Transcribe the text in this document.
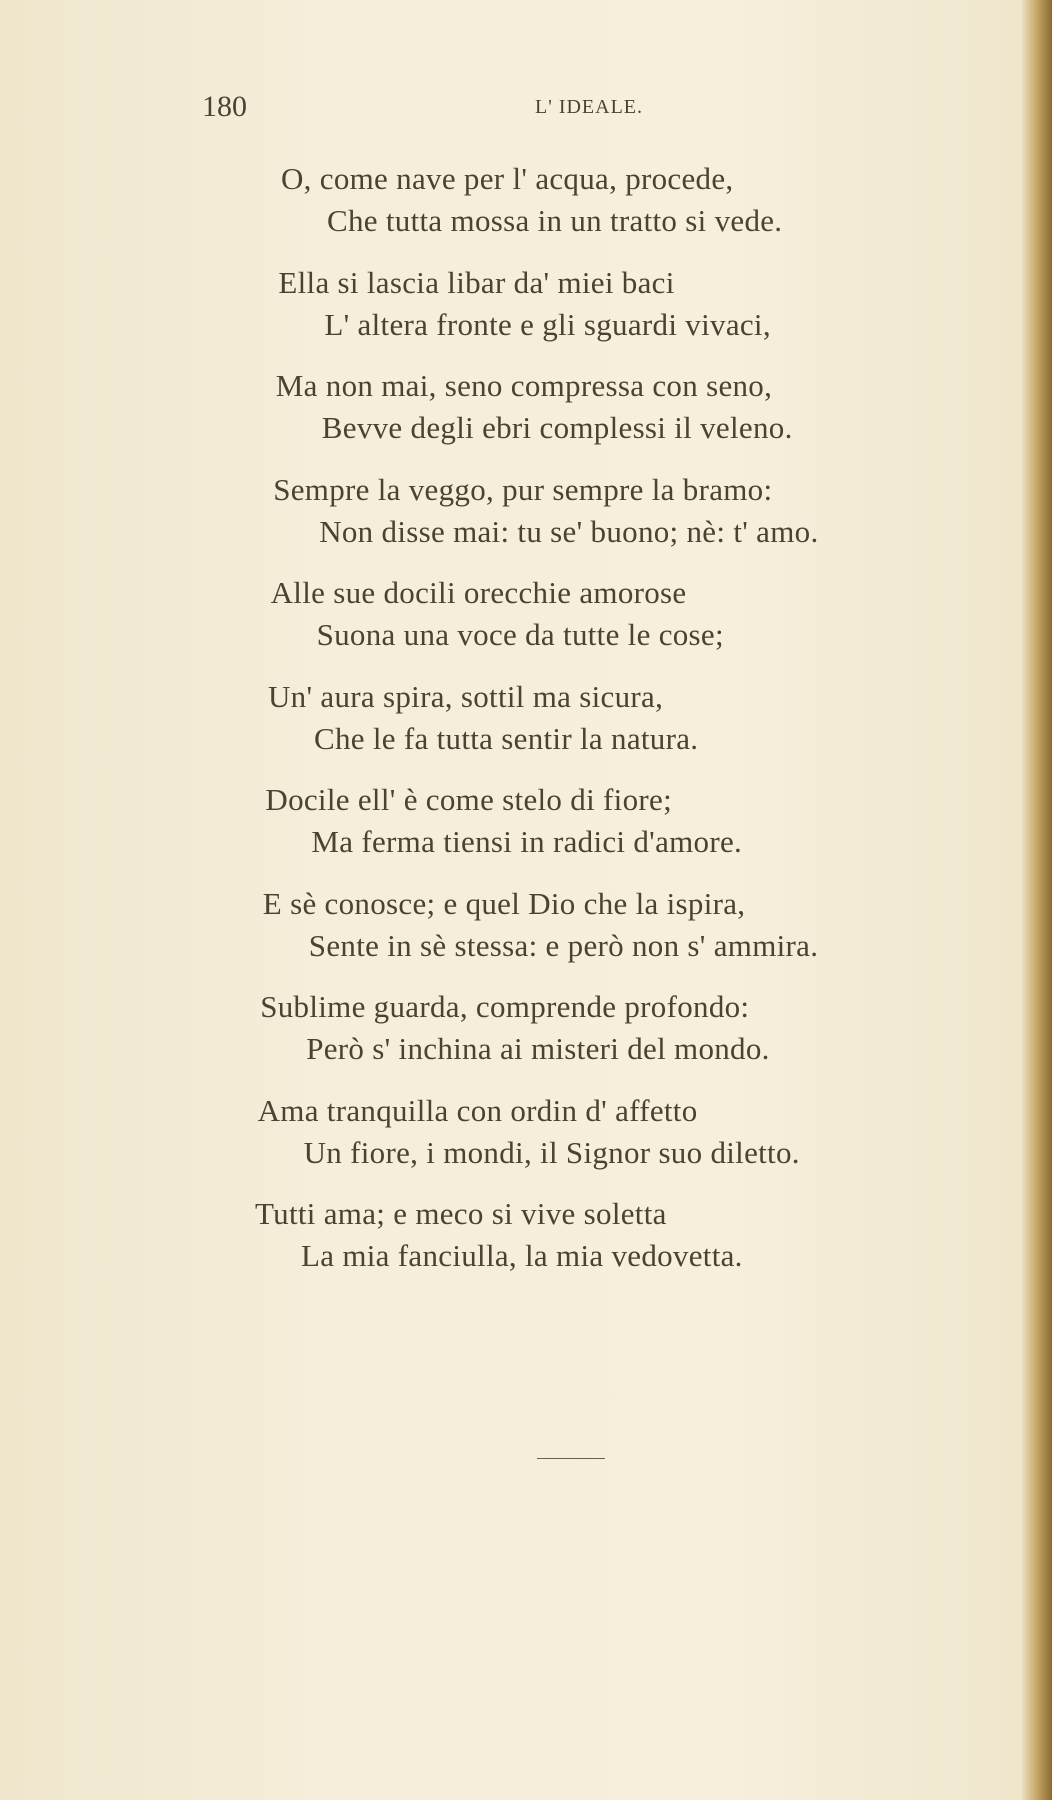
180	L' IDEALE.
O, come nave per l' acqua, procede,
Che tutta mossa in un tratto si vede.
Ella si lascia libar da' miei baci
L' altera fronte e gli sguardi vivaci,
Ma non mai, seno compressa con seno,
Bevve degli ebri complessi il veleno.
Sempre la veggo, pur sempre la bramo:
Non disse mai: tu se' buono; nè: t' amo.
Alle sue docili orecchie amorose
Suona una voce da tutte le cose;
Un' aura spira, sottil ma sicura,
Che le fa tutta sentir la natura.
Docile ell' è come stelo di fiore;
Ma ferma tiensi in radici d'amore.
E sè conosce; e quel Dio che la ispira,
Sente in sè stessa: e però non s' ammira.
Sublime guarda, comprende profondo:
Però s' inchina ai misteri del mondo.
Ama tranquilla con ordin d' affetto
Un fiore, i mondi, il Signor suo diletto.
Tutti ama; e meco si vive soletta
La mia fanciulla, la mia vedovetta.
